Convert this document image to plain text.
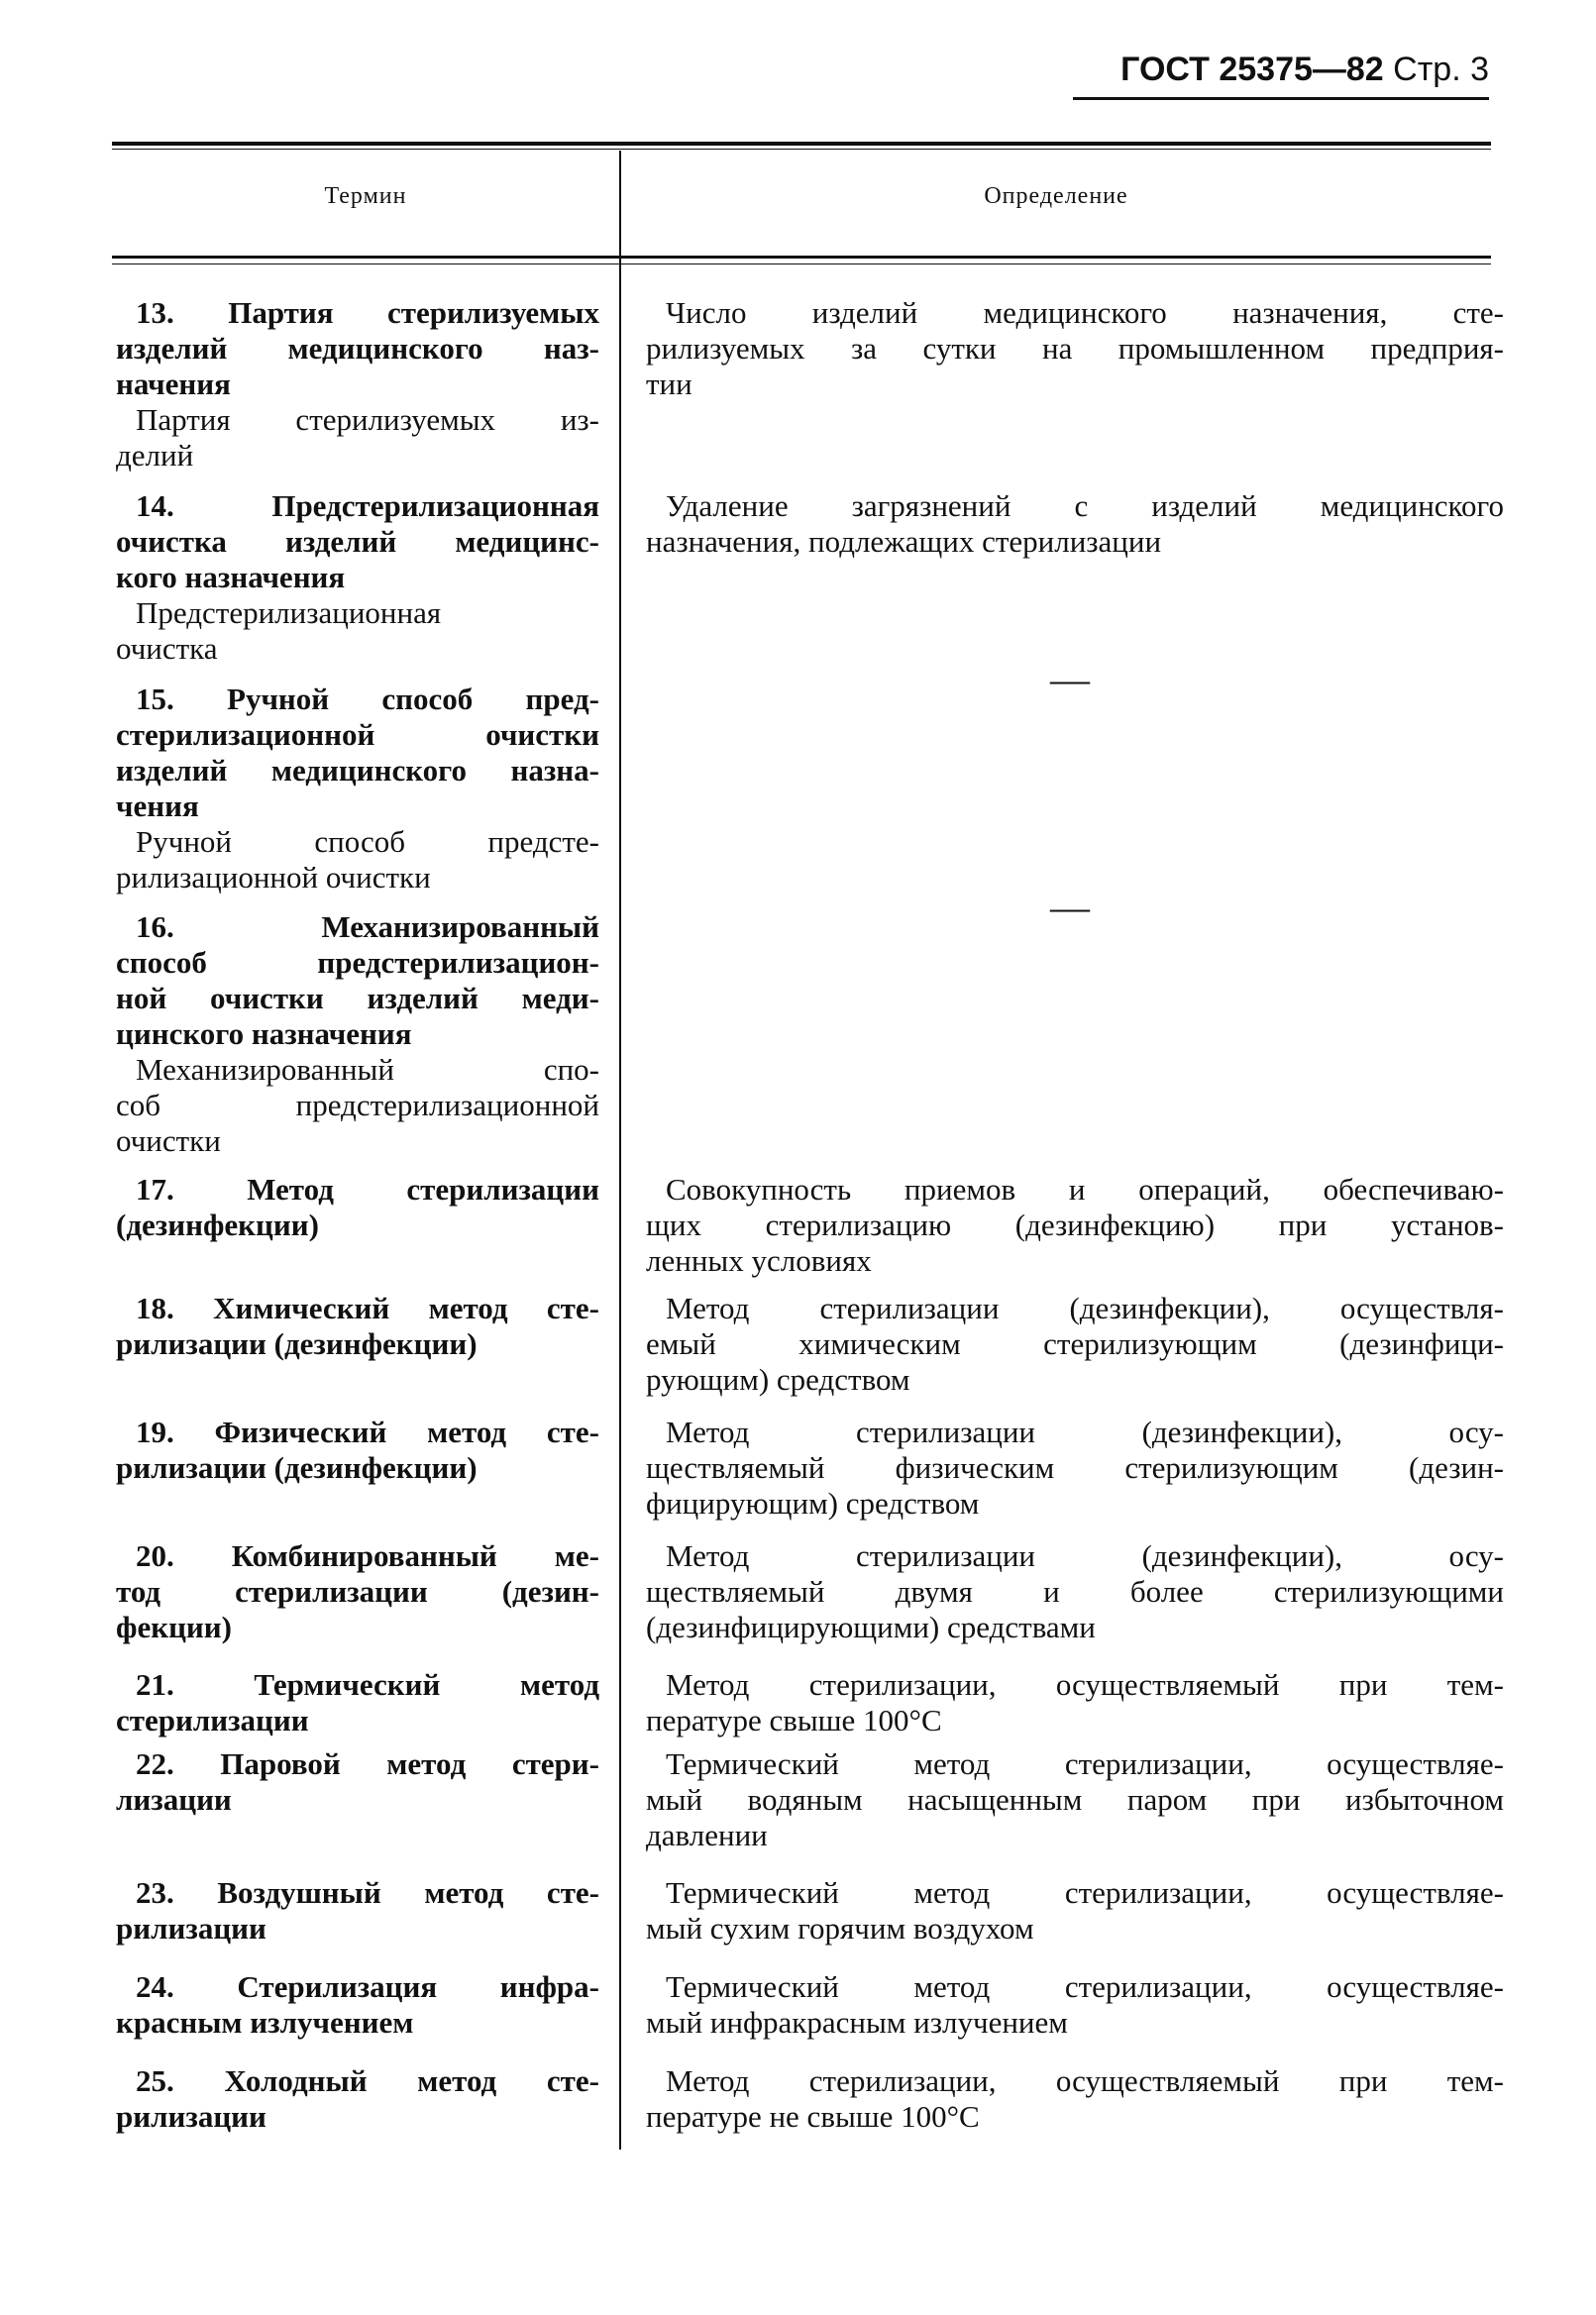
ГОСТ 25375—82 Стр. 3
Термин	Определение
13. Партия стерилизуемых
изделий медицинского наз-
начения
Партия стерилизуемых из-
делий
Число изделий медицинского назначения, сте-
рилизуемых за сутки на промышленном предприя-
тии
14. Предстерилизационная
очистка изделий медицинс-
кого назначения
Предстерилизационная
очистка
Удаление загрязнений с изделий медицинского
назначения, подлежащих стерилизации
15. Ручной способ пред-
стерилизационной очистки
изделий медицинского назна-
чения
Ручной способ предсте-
рилизационной очистки
—
16. Механизированный
способ предстерилизацион-
ной очистки изделий меди-
цинского назначения
Механизированный спо-
соб предстерилизационной
очистки
—
17. Метод стерилизации
(дезинфекции)
Совокупность приемов и операций, обеспечиваю-
щих стерилизацию (дезинфекцию) при установ-
ленных условиях
18. Химический метод сте-
рилизации (дезинфекции)
Метод стерилизации (дезинфекции), осуществля-
емый химическим стерилизующим (дезинфици-
рующим) средством
19. Физический метод сте-
рилизации (дезинфекции)
Метод стерилизации (дезинфекции), осу-
ществляемый физическим стерилизующим (дезин-
фицирующим) средством
20. Комбинированный ме-
тод стерилизации (дезин-
фекции)
Метод стерилизации (дезинфекции), осу-
ществляемый двумя и более стерилизующими
(дезинфицирующими) средствами
21. Термический метод
стерилизации
Метод стерилизации, осуществляемый при тем-
пературе свыше 100°С
22. Паровой метод стери-
лизации
Термический метод стерилизации, осуществляе-
мый водяным насыщенным паром при избыточном
давлении
23. Воздушный метод сте-
рилизации
Термический метод стерилизации, осуществляе-
мый сухим горячим воздухом
24. Стерилизация инфра-
красным излучением
Термический метод стерилизации, осуществляе-
мый инфракрасным излучением
25. Холодный метод сте-
рилизации
Метод стерилизации, осуществляемый при тем-
пературе не свыше 100°С
